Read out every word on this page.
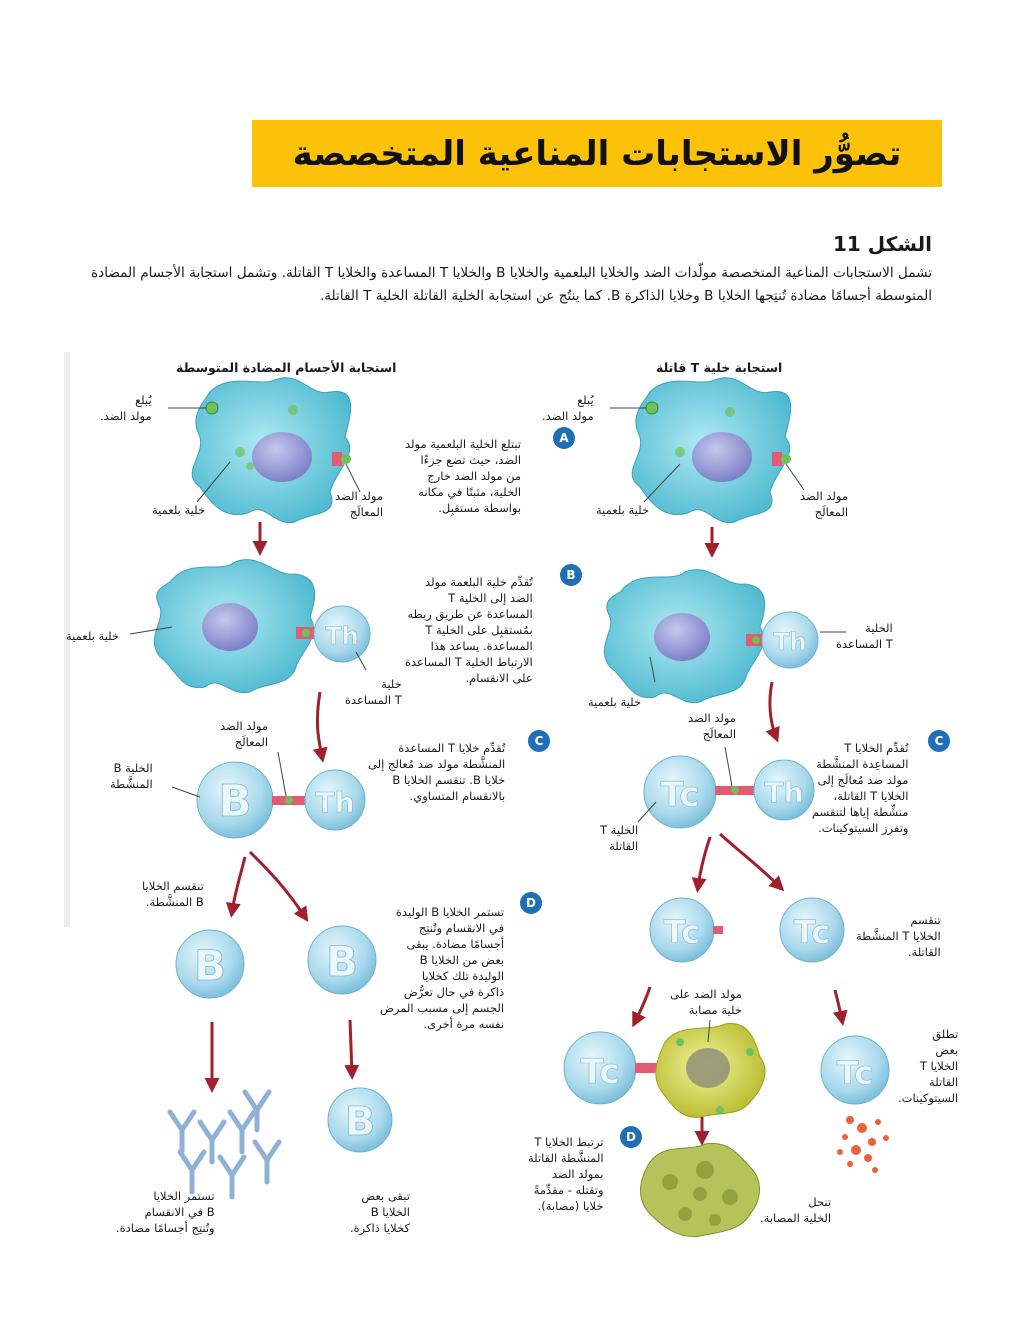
تصوُّر الاستجابات المناعية المتخصصة
الشكل 11
تشمل الاستجابات المناعية المتخصصة مولّدات الضد والخلايا البلعمية والخلايا B والخلايا T المساعدة والخلايا T القاتلة. وتشمل استجابة الأجسام المضادة المتوسطة أجسامًا مضادة تُنتِجها الخلايا B وخلايا الذاكرة B. كما ينتُج عن استجابة الخلية القاتلة الخلية T القاتلة.
Th	Th
B Th	Tc Th
B B
Tc	Tc
B
Tc	Tc
استجابة الأجسام المضادة المتوسطة	استجابة خلية T قاتلة
A
B
C	C
D
D
تبتلع الخلية البلعمية مولد
الضد، حيث تضع جزءًا
من مولد الضد خارج
الخلية، مثبتًا في مكانه
بواسطة مستقبِل.
تُقدِّم خلية البلعمة مولد
الضد إلى الخلية T
المساعدة عن طريق ربطه
بمُستقبِل على الخلية T
المساعدة. يساعد هذا
الارتباط الخلية T المساعدة
على الانقسام.
تُقدِّم خلايا T المساعدة
المنشَّطة مولد ضد مُعالج إلى
خلايا B. تنقسم الخلايا B
بالانقسام المتساوي.
تُقدِّم الخلايا T
المساعِدة المنشَّطة
مولد ضد مُعالَج إلى
الخلايا T القاتلة،
منشِّطة إياها لتنقسم
وتفرز السيتوكينات.
تستمر الخلايا B الوليدة
في الانقسام وتُنتِج
أجسامًا مضادة. يبقى
بعض من الخلايا B
الوليدة تلك كخلايا
ذاكرة في حال تعرُّض
الجسم إلى مسبب المرض
نفسه مرة أخرى.
ترتبط الخلايا T
المنشَّطة القاتلة
بمولد الضد
وتقتله - مقدِّمةً
خلايا (مصابة).
يُبلع
مولد الضد.
يُبلع
مولد الضد.
خلية بلعمية	خلية بلعمية
مولد الضد
المعالَج
مولد الضد
المعالَج
خلية بلعمية
خلية بلعمية
خلية
T المساعدة
الخلية
T المساعدة
مولد الضد
المعالَج
مولد الضد
المعالَج
الخلية B
المنشَّطة
الخلية T
القاتلة
تنقسم الخلايا
B المنشَّطة.
تنقسم
الخلايا T المنشَّطة
القاتلة.
مولد الضد على
خلية مصابة
تطلق
بعض
الخلايا T
القاتلة
السيتوكينات.
تستمر الخلايا
B في الانقسام
وتُنتِج أجسامًا مضادة.
تبقى بعض
الخلايا B
كخلايا ذاكرة.
تنحل
الخلية المصابة.
